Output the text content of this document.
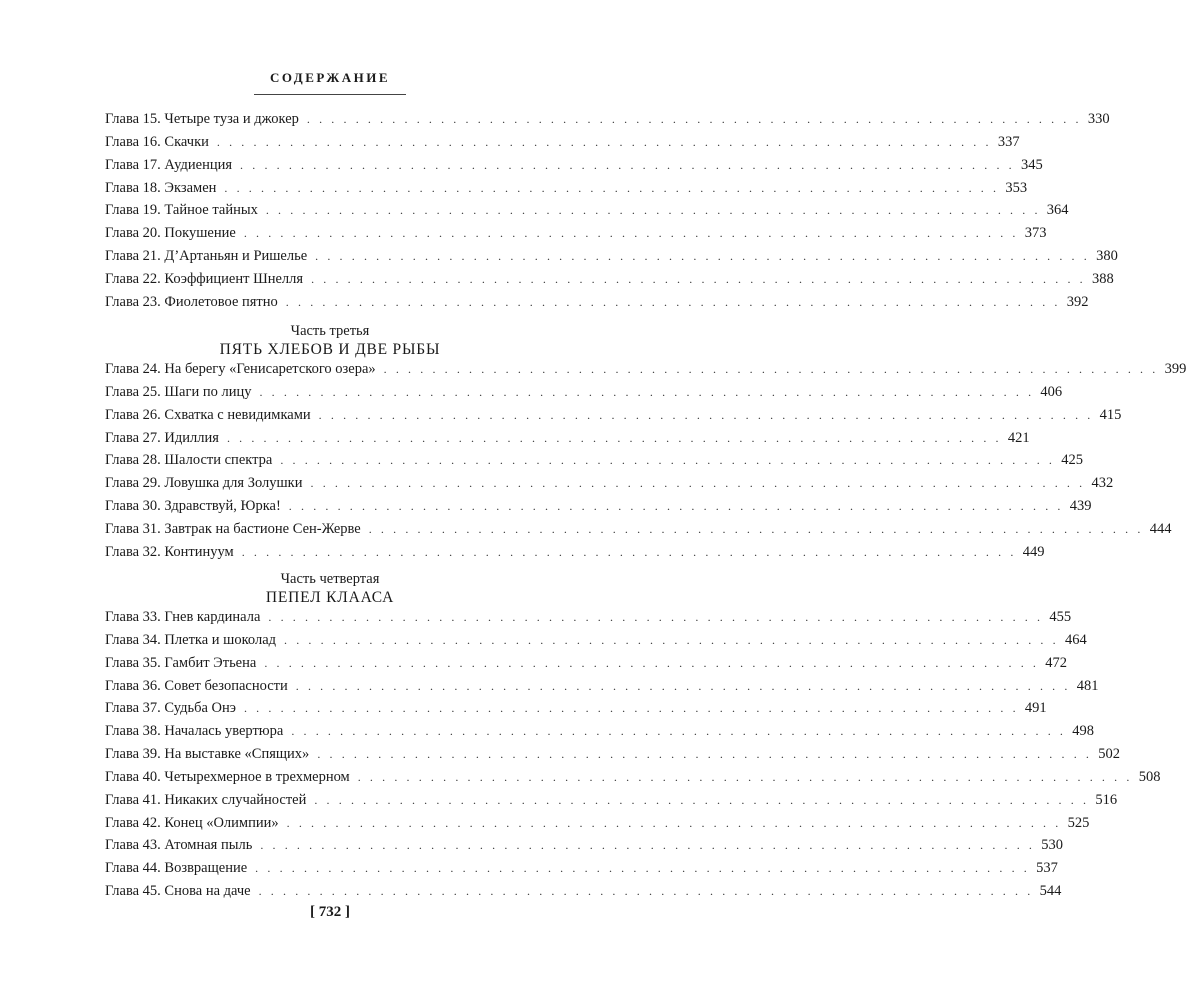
СОДЕРЖАНИЕ
Глава 15. Четыре туза и джокер . . . . . . . . . . . . . . . . . . . . . . . . . . . . . . . . . . . . . . . . . . . . . . . . . . . . . . . . . . . . . . . . 330
Глава 16. Скачки . . . . . . . . . . . . . . . . . . . . . . . . . . . . . . . . . . . . . . . . . . . . . . . . . . . . . . . . . . . . . . . . 337
Глава 17. Аудиенция . . . . . . . . . . . . . . . . . . . . . . . . . . . . . . . . . . . . . . . . . . . . . . . . . . . . . . . . . . . . . . . . 345
Глава 18. Экзамен . . . . . . . . . . . . . . . . . . . . . . . . . . . . . . . . . . . . . . . . . . . . . . . . . . . . . . . . . . . . . . . . 353
Глава 19. Тайное тайных . . . . . . . . . . . . . . . . . . . . . . . . . . . . . . . . . . . . . . . . . . . . . . . . . . . . . . . . . . . . . . . . 364
Глава 20. Покушение . . . . . . . . . . . . . . . . . . . . . . . . . . . . . . . . . . . . . . . . . . . . . . . . . . . . . . . . . . . . . . . . 373
Глава 21. Д’Артаньян и Ришелье . . . . . . . . . . . . . . . . . . . . . . . . . . . . . . . . . . . . . . . . . . . . . . . . . . . . . . . . . . . . . . . . 380
Глава 22. Коэффициент Шнелля . . . . . . . . . . . . . . . . . . . . . . . . . . . . . . . . . . . . . . . . . . . . . . . . . . . . . . . . . . . . . . . . 388
Глава 23. Фиолетовое пятно . . . . . . . . . . . . . . . . . . . . . . . . . . . . . . . . . . . . . . . . . . . . . . . . . . . . . . . . . . . . . . . . 392
Часть третья
ПЯТЬ ХЛЕБОВ И ДВЕ РЫБЫ
Глава 24. На берегу «Генисаретского озера» . . . . . . . . . . . . . . . . . . . . . . . . . . . . . . . . . . . . . . . . . . . . . . . . . . . . . . . . . . . . . . . . 399
Глава 25. Шаги по лицу . . . . . . . . . . . . . . . . . . . . . . . . . . . . . . . . . . . . . . . . . . . . . . . . . . . . . . . . . . . . . . . . 406
Глава 26. Схватка с невидимками . . . . . . . . . . . . . . . . . . . . . . . . . . . . . . . . . . . . . . . . . . . . . . . . . . . . . . . . . . . . . . . . 415
Глава 27. Идиллия . . . . . . . . . . . . . . . . . . . . . . . . . . . . . . . . . . . . . . . . . . . . . . . . . . . . . . . . . . . . . . . . 421
Глава 28. Шалости спектра . . . . . . . . . . . . . . . . . . . . . . . . . . . . . . . . . . . . . . . . . . . . . . . . . . . . . . . . . . . . . . . . 425
Глава 29. Ловушка для Золушки . . . . . . . . . . . . . . . . . . . . . . . . . . . . . . . . . . . . . . . . . . . . . . . . . . . . . . . . . . . . . . . . 432
Глава 30. Здравствуй, Юрка! . . . . . . . . . . . . . . . . . . . . . . . . . . . . . . . . . . . . . . . . . . . . . . . . . . . . . . . . . . . . . . . . 439
Глава 31. Завтрак на бастионе Сен-Жерве . . . . . . . . . . . . . . . . . . . . . . . . . . . . . . . . . . . . . . . . . . . . . . . . . . . . . . . . . . . . . . . . 444
Глава 32. Континуум . . . . . . . . . . . . . . . . . . . . . . . . . . . . . . . . . . . . . . . . . . . . . . . . . . . . . . . . . . . . . . . . 449
Часть четвертая
ПЕПЕЛ КЛААСА
Глава 33. Гнев кардинала . . . . . . . . . . . . . . . . . . . . . . . . . . . . . . . . . . . . . . . . . . . . . . . . . . . . . . . . . . . . . . . . 455
Глава 34. Плетка и шоколад . . . . . . . . . . . . . . . . . . . . . . . . . . . . . . . . . . . . . . . . . . . . . . . . . . . . . . . . . . . . . . . . 464
Глава 35. Гамбит Этьена . . . . . . . . . . . . . . . . . . . . . . . . . . . . . . . . . . . . . . . . . . . . . . . . . . . . . . . . . . . . . . . . 472
Глава 36. Совет безопасности . . . . . . . . . . . . . . . . . . . . . . . . . . . . . . . . . . . . . . . . . . . . . . . . . . . . . . . . . . . . . . . . 481
Глава 37. Судьба Онэ . . . . . . . . . . . . . . . . . . . . . . . . . . . . . . . . . . . . . . . . . . . . . . . . . . . . . . . . . . . . . . . . 491
Глава 38. Началась увертюра . . . . . . . . . . . . . . . . . . . . . . . . . . . . . . . . . . . . . . . . . . . . . . . . . . . . . . . . . . . . . . . . 498
Глава 39. На выставке «Спящих» . . . . . . . . . . . . . . . . . . . . . . . . . . . . . . . . . . . . . . . . . . . . . . . . . . . . . . . . . . . . . . . . 502
Глава 40. Четырехмерное в трехмерном . . . . . . . . . . . . . . . . . . . . . . . . . . . . . . . . . . . . . . . . . . . . . . . . . . . . . . . . . . . . . . . . 508
Глава 41. Никаких случайностей . . . . . . . . . . . . . . . . . . . . . . . . . . . . . . . . . . . . . . . . . . . . . . . . . . . . . . . . . . . . . . . . 516
Глава 42. Конец «Олимпии» . . . . . . . . . . . . . . . . . . . . . . . . . . . . . . . . . . . . . . . . . . . . . . . . . . . . . . . . . . . . . . . . 525
Глава 43. Атомная пыль . . . . . . . . . . . . . . . . . . . . . . . . . . . . . . . . . . . . . . . . . . . . . . . . . . . . . . . . . . . . . . . . 530
Глава 44. Возвращение . . . . . . . . . . . . . . . . . . . . . . . . . . . . . . . . . . . . . . . . . . . . . . . . . . . . . . . . . . . . . . . . 537
Глава 45. Снова на даче . . . . . . . . . . . . . . . . . . . . . . . . . . . . . . . . . . . . . . . . . . . . . . . . . . . . . . . . . . . . . . . . 544
[ 732 ]
